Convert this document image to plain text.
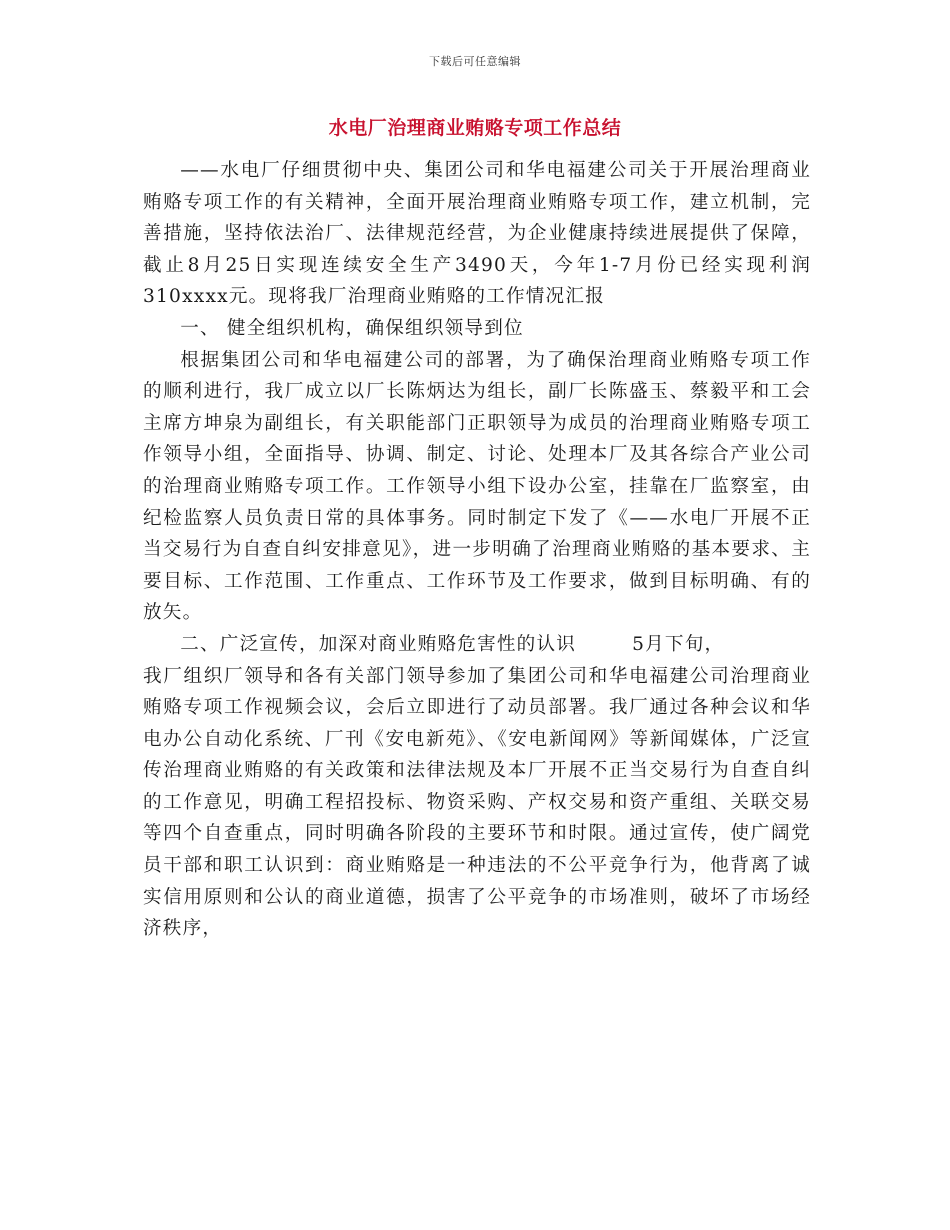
下载后可任意编辑
水电厂治理商业贿赂专项工作总结

——水电厂仔细贯彻中央、集团公司和华电福建公司关于开展治理商业贿赂专项工作的有关精神，全面开展治理商业贿赂专项工作，建立机制，完善措施，坚持依法治厂、法律规范经营，为企业健康持续进展提供了保障，截止8月25日实现连续安全生产3490天，今年1-7月份已经实现利润310xxxx元。现将我厂治理商业贿赂的工作情况汇报

一、 健全组织机构，确保组织领导到位

根据集团公司和华电福建公司的部署，为了确保治理商业贿赂专项工作的顺利进行，我厂成立以厂长陈炳达为组长，副厂长陈盛玉、蔡毅平和工会主席方坤泉为副组长，有关职能部门正职领导为成员的治理商业贿赂专项工作领导小组，全面指导、协调、制定、讨论、处理本厂及其各综合产业公司的治理商业贿赂专项工作。工作领导小组下设办公室，挂靠在厂监察室，由纪检监察人员负责日常的具体事务。同时制定下发了《——水电厂开展不正当交易行为自查自纠安排意见》，进一步明确了治理商业贿赂的基本要求、主要目标、工作范围、工作重点、工作环节及工作要求，做到目标明确、有的放矢。

二、广泛宣传，加深对商业贿赂危害性的认识	5月下旬，

我厂组织厂领导和各有关部门领导参加了集团公司和华电福建公司治理商业贿赂专项工作视频会议，会后立即进行了动员部署。我厂通过各种会议和华电办公自动化系统、厂刊《安电新苑》、《安电新闻网》等新闻媒体，广泛宣传治理商业贿赂的有关政策和法律法规及本厂开展不正当交易行为自查自纠的工作意见，明确工程招投标、物资采购、产权交易和资产重组、关联交易等四个自查重点，同时明确各阶段的主要环节和时限。通过宣传，使广阔党员干部和职工认识到：商业贿赂是一种违法的不公平竞争行为，他背离了诚实信用原则和公认的商业道德，损害了公平竞争的市场准则，破坏了市场经济秩序，
